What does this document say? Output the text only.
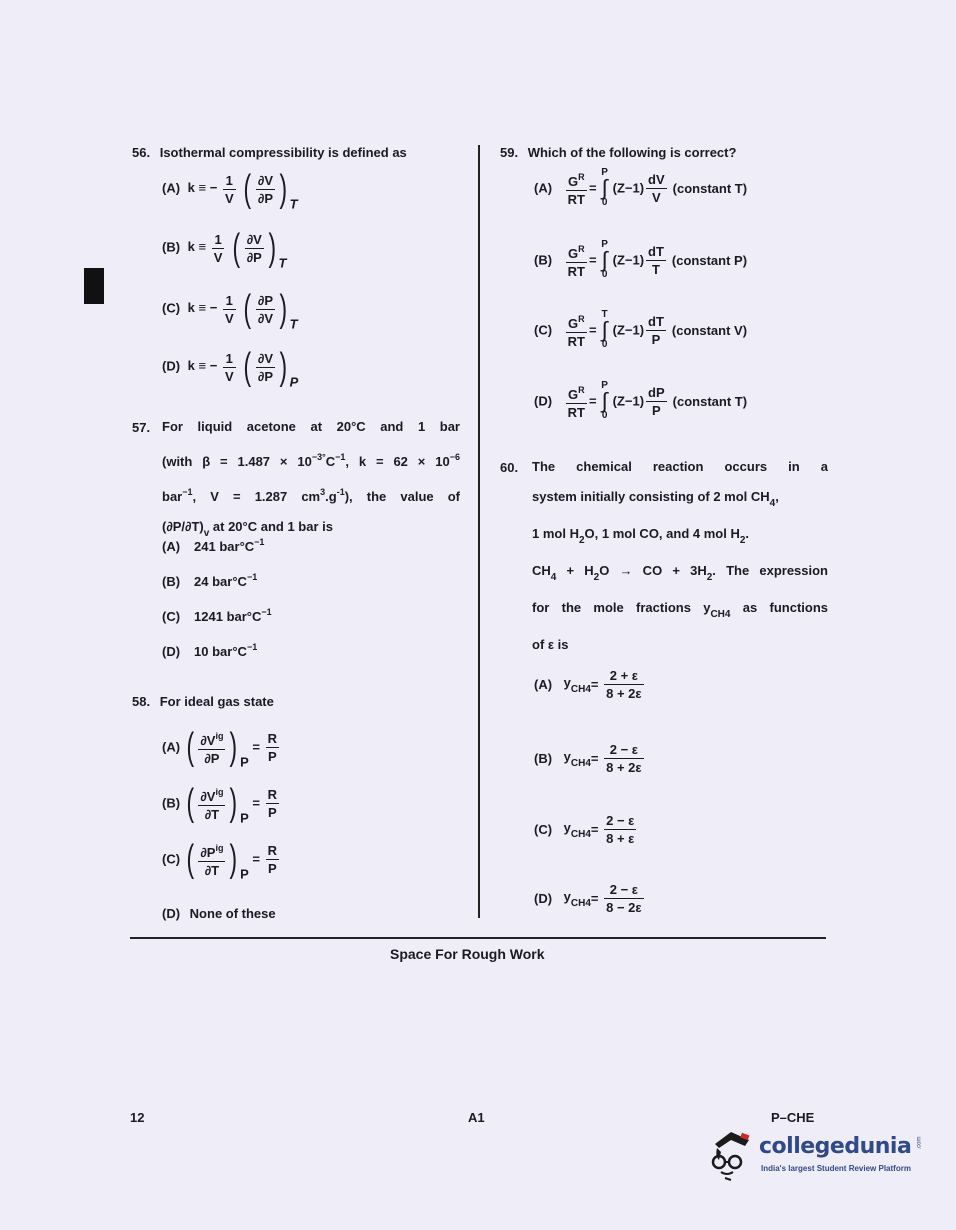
56. Isothermal compressibility is defined as
(A) k ≡ − $\frac{1}{V}$ ( $\frac{\partial V}{\partial P}$ ) T
(B) $k \equiv \frac{1}{V}$ ( $\frac{\partial V}{\partial P}$ ) T
(C) k ≡ − $\frac{1}{V}$ ( $\frac{\partial P}{\partial V}$ ) T
(D) k ≡ − $\frac{1}{V}$ ( $\frac{\partial V}{\partial P}$ ) P
57. For liquid acetone at 20°C and 1 bar
(with $\beta = 1.487 \times 10^{-3^\circ}C^{-1}$, $k = 62 \times 10^{-6}$
bar$^{-1}$, V = 1.287 $cm^3.g^{-1}$), the value of
$(\partial P/\partial T)_v$ at 20°C and 1 bar is
(A) 241 $bar^\circ C^{-1}$
(B) 24 $bar^\circ C^{-1}$
(C) 1241 $bar^\circ C^{-1}$
(D) 10 $bar^\circ C^{-1}$
58. For ideal gas state
(A) ( $\frac{\partial V^{ig}}{\partial P}$ ) $P = \frac{R}{P}$
(B) ( $\frac{\partial V^{ig}}{\partial T}$ ) $P = \frac{R}{P}$
(C) ( $\frac{\partial P^{ig}}{\partial T}$ ) $P = \frac{R}{P}$
(D) None of these
59. Which of the following is correct?
$(A) \frac{G^R}{RT}$ =
P
∫
0
$(Z-1) \frac{dV}{V}$ (constant T)
$(B) \frac{G^R}{RT}$ =
P
∫
0
$(Z-1) \frac{dT}{T}$ (constant P)
$(C) \frac{G^R}{RT}$ =
T
∫
0
$(Z-1) \frac{dT}{P}$ (constant V)
$(D) \frac{G^R}{RT}$ =
P
∫
0
$(Z-1) \frac{dP}{P}$ (constant T)
60. The chemical reaction occurs in a
system initially consisting of 2 mol $CH_4$,
1 mol $H_2O$, 1 mol CO, and 4 mol $H_2$.
$CH_4 + H_2O$ → CO + $3H_2$. The expression
for the mole fractions $y_{CH4}$ as functions
of ε is
(A) $y_{CH4}= \frac{2 + \varepsilon}{8 + 2\varepsilon}$
(B) $y_{CH4}= \frac{2 - \varepsilon}{8 + 2\varepsilon}$
(C) $y_{CH4}= \frac{2 - \varepsilon}{8 + \varepsilon}$
(D) $y_{CH4}= \frac{2 - \varepsilon}{8 - 2\varepsilon}$
Space For Rough Work
12	A1	P–CHE
collegedunia
India's largest Student Review Platform
.com
